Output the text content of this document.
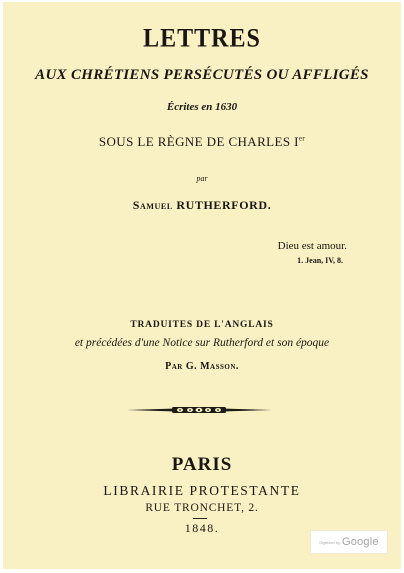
LETTRES
AUX CHRÉTIENS PERSÉCUTÉS OU AFFLIGÉS
Écrites en 1630
SOUS LE RÈGNE DE CHARLES Ier
par
Samuel RUTHERFORD.
Dieu est amour.
1. Jean, IV, 8.
TRADUITES DE L'ANGLAIS
et précédées d'une Notice sur Rutherford et son époque
Par G. Masson.
PARIS
LIBRAIRIE PROTESTANTE
RUE TRONCHET, 2.
1848.
Digitized by Google
